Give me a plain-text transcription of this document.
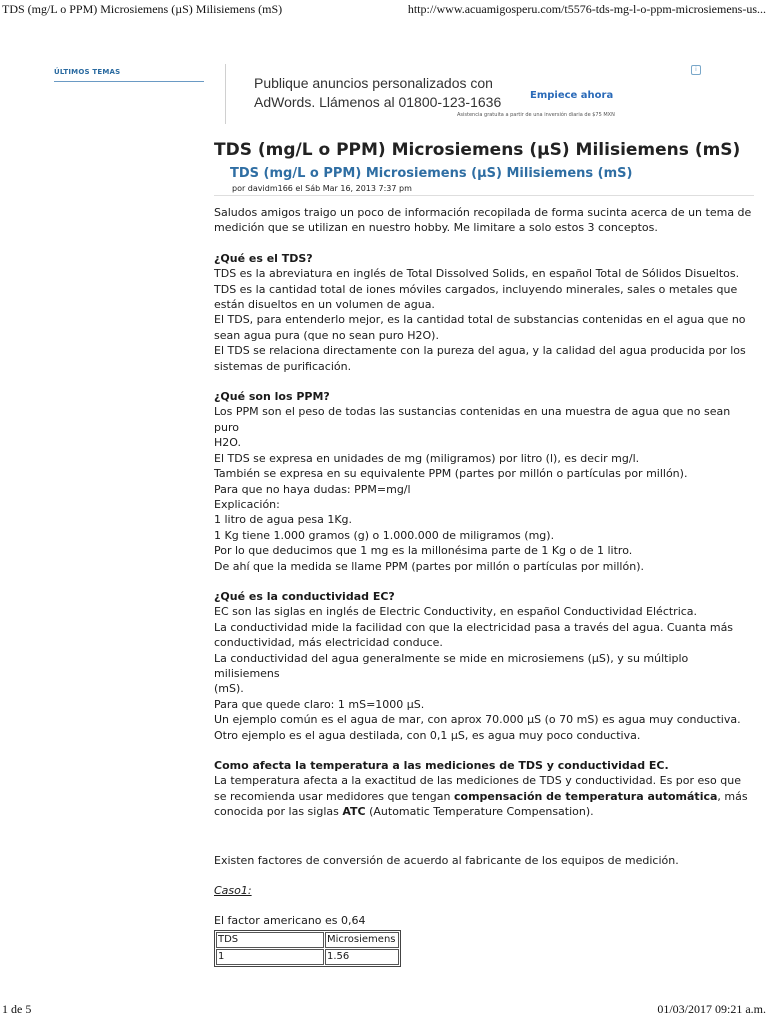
TDS (mg/L o PPM) Microsiemens (µS) Milisiemens (mS)	http://www.acuamigosperu.com/t5576-tds-mg-l-o-ppm-microsiemens-us...
ÚLTIMOS TEMAS
Publique anuncios personalizados con
AdWords. Llámenos al 01800-123-1636	Empiece ahora
Asistencia gratuita a partir de una inversión diaria de $75 MXN
i
TDS (mg/L o PPM) Microsiemens (µS) Milisiemens (mS)
TDS (mg/L o PPM) Microsiemens (µS) Milisiemens (mS)
por davidm166 el Sáb Mar 16, 2013 7:37 pm

Saludos amigos traigo un poco de información recopilada de forma sucinta acerca de un tema de

medición que se utilizan en nuestro hobby. Me limitare a solo estos 3 conceptos.

¿Qué es el TDS?

TDS es la abreviatura en inglés de Total Dissolved Solids, en español Total de Sólidos Disueltos.

TDS es la cantidad total de iones móviles cargados, incluyendo minerales, sales o metales que

están disueltos en un volumen de agua.

El TDS, para entenderlo mejor, es la cantidad total de substancias contenidas en el agua que no

sean agua pura (que no sean puro H2O).

El TDS se relaciona directamente con la pureza del agua, y la calidad del agua producida por los

sistemas de purificación.

¿Qué son los PPM?

Los PPM son el peso de todas las sustancias contenidas en una muestra de agua que no sean puro

H2O.

El TDS se expresa en unidades de mg (miligramos) por litro (l), es decir mg/l.

También se expresa en su equivalente PPM (partes por millón o partículas por millón).

Para que no haya dudas: PPM=mg/l

Explicación:

1 litro de agua pesa 1Kg.

1 Kg tiene 1.000 gramos (g) o 1.000.000 de miligramos (mg).

Por lo que deducimos que 1 mg es la millonésima parte de 1 Kg o de 1 litro.

De ahí que la medida se llame PPM (partes por millón o partículas por millón).

¿Qué es la conductividad EC?

EC son las siglas en inglés de Electric Conductivity, en español Conductividad Eléctrica.

La conductividad mide la facilidad con que la electricidad pasa a través del agua. Cuanta más

conductividad, más electricidad conduce.

La conductividad del agua generalmente se mide en microsiemens (µS), y su múltiplo milisiemens

(mS).

Para que quede claro: 1 mS=1000 µS.

Un ejemplo común es el agua de mar, con aprox 70.000 µS (o 70 mS) es agua muy conductiva.

Otro ejemplo es el agua destilada, con 0,1 µS, es agua muy poco conductiva.

Como afecta la temperatura a las mediciones de TDS y conductividad EC.

La temperatura afecta a la exactitud de las mediciones de TDS y conductividad. Es por eso que

se recomienda usar medidores que tengan compensación de temperatura automática, más

conocida por las siglas ATC (Automatic Temperature Compensation).

Existen factores de conversión de acuerdo al fabricante de los equipos de medición.

Caso1:

El factor americano es 0,64

TDS	Microsiemens
1	1.56
1 de 5	01/03/2017 09:21 a.m.
